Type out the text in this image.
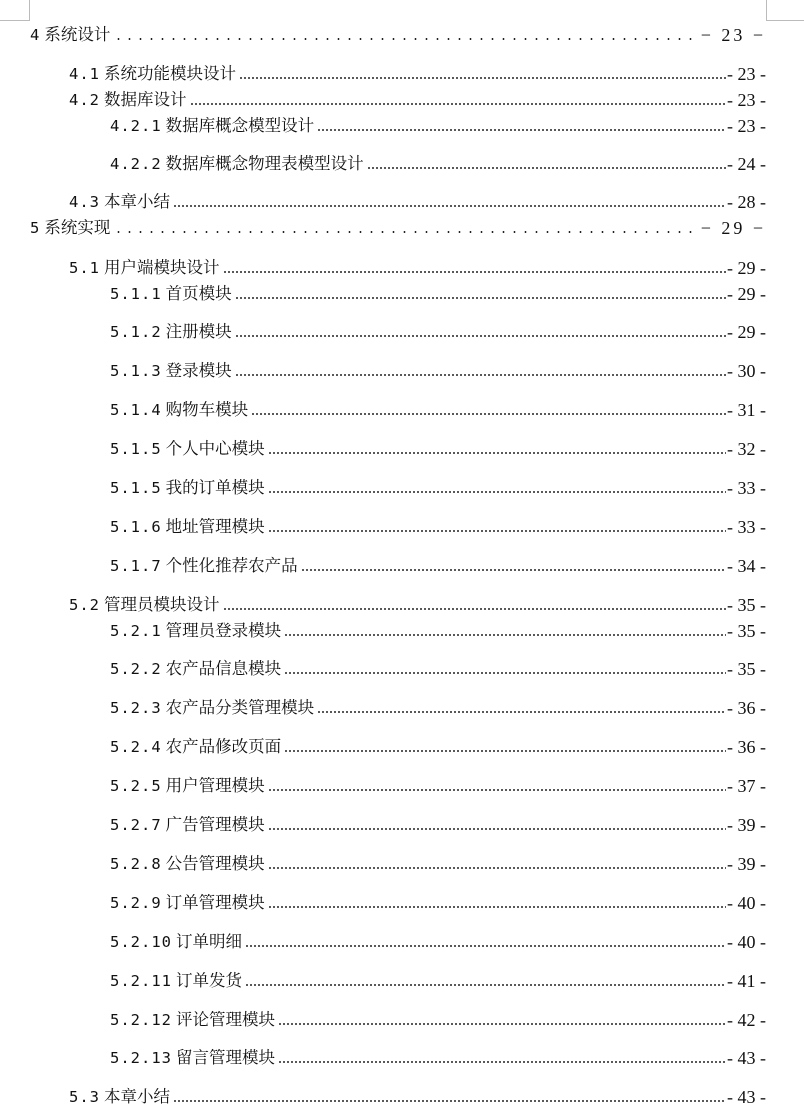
4 系统设计	− 23 −
4.1 系统功能模块设计	- 23 -
4.2 数据库设计	- 23 -
4.2.1 数据库概念模型设计	- 23 -
4.2.2 数据库概念物理表模型设计	- 24 -
4.3 本章小结	- 28 -
5 系统实现	− 29 −
5.1 用户端模块设计	- 29 -
5.1.1 首页模块	- 29 -
5.1.2 注册模块	- 29 -
5.1.3 登录模块	- 30 -
5.1.4 购物车模块	- 31 -
5.1.5 个人中心模块	- 32 -
5.1.5 我的订单模块	- 33 -
5.1.6 地址管理模块	- 33 -
5.1.7 个性化推荐农产品	- 34 -
5.2 管理员模块设计	- 35 -
5.2.1 管理员登录模块	- 35 -
5.2.2 农产品信息模块	- 35 -
5.2.3 农产品分类管理模块	- 36 -
5.2.4 农产品修改页面	- 36 -
5.2.5 用户管理模块	- 37 -
5.2.7 广告管理模块	- 39 -
5.2.8 公告管理模块	- 39 -
5.2.9 订单管理模块	- 40 -
5.2.10 订单明细	- 40 -
5.2.11 订单发货	- 41 -
5.2.12 评论管理模块	- 42 -
5.2.13 留言管理模块	- 43 -
5.3 本章小结	- 43 -
